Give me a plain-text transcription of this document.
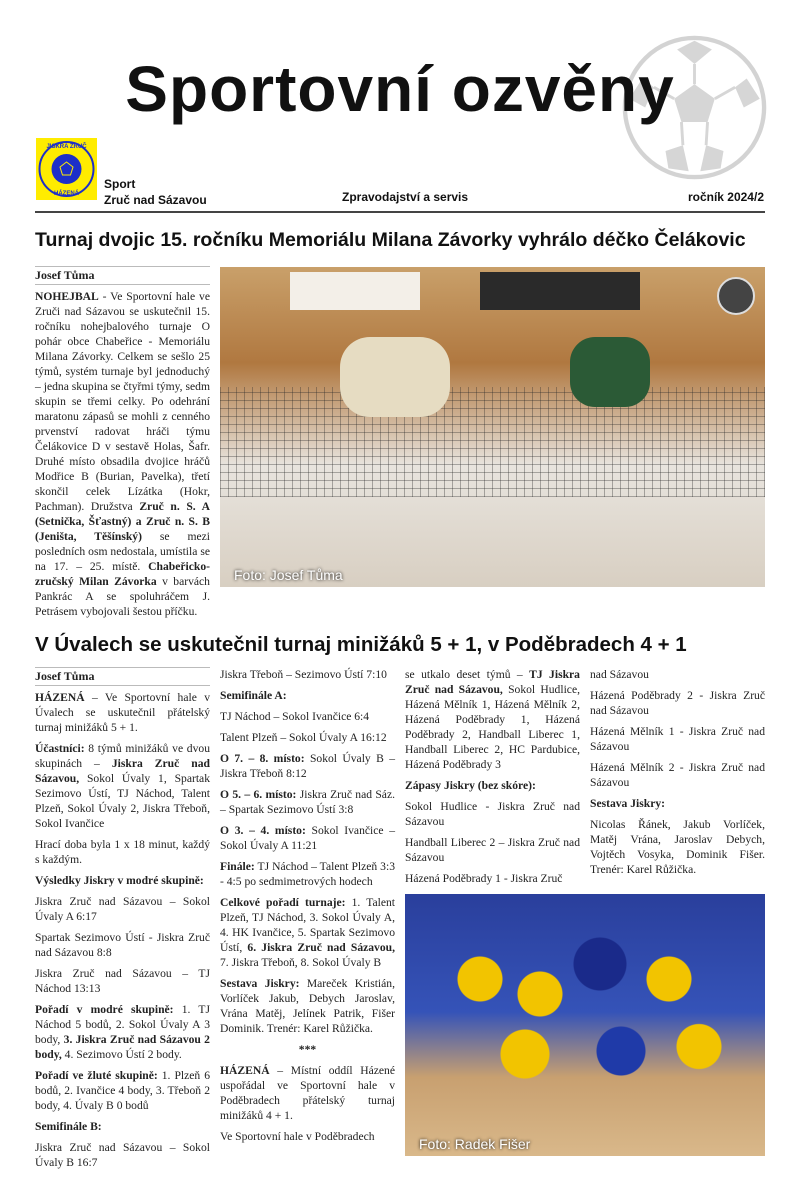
Sportovní ozvěny
JISKRA ZRUČ
HÁZENÁ
Sport
Zruč nad Sázavou	Zpravodajství a servis	ročník 2024/2
Turnaj dvojic 15. ročníku Memoriálu Milana Závorky vyhrálo déčko Čelákovic
Josef Tůma

NOHEJBAL - Ve Sportovní hale ve Zruči nad Sázavou se uskutečnil 15. ročníku nohejbalového turnaje O pohár obce Chabeřice - Memoriálu Milana Závorky. Celkem se sešlo 25 týmů, systém turnaje byl jednoduchý – jedna skupina se čtyřmi týmy, sedm skupin se třemi celky. Po odehrání maratonu zápasů se mohli z cenného prvenství radovat hráči týmu Čelákovice D v sestavě Holas, Šafr. Druhé místo obsadila dvojice hráčů Modřice B (Burian, Pavelka), třetí skončil celek Lízátka (Hokr, Pachman). Družstva Zruč n. S. A (Setnička, Šťastný) a Zruč n. S. B (Jeništa, Těšínský) se mezi posledních osm nedostala, umístila se na 17. – 25. místě. Chabeřicko-zručský Milan Závorka v barvách Pankrác A se spoluhráčem J. Petrásem vybojovali šestou příčku.

Foto: Josef Tůma
V Úvalech se uskutečnil turnaj minižáků 5 + 1, v Poděbradech 4 + 1
Josef Tůma

HÁZENÁ – Ve Sportovní hale v Úvalech se uskutečnil přátelský turnaj minižáků 5 + 1.

Účastníci: 8 týmů minižáků ve dvou skupinách – Jiskra Zruč nad Sázavou, Sokol Úvaly 1, Spartak Sezimovo Ústí, TJ Náchod, Talent Plzeň, Sokol Úvaly 2, Jiskra Třeboň, Sokol Ivančice

Hrací doba byla 1 x 18 minut, každý s každým.

Výsledky Jiskry v modré skupině:

Jiskra Zruč nad Sázavou – Sokol Úvaly A 6:17

Spartak Sezimovo Ústí - Jiskra Zruč nad Sázavou 8:8

Jiskra Zruč nad Sázavou – TJ Náchod 13:13

Pořadí v modré skupině: 1. TJ Náchod 5 bodů, 2. Sokol Úvaly A 3 body, 3. Jiskra Zruč nad Sázavou 2 body, 4. Sezimovo Ústí 2 body.

Pořadí ve žluté skupině: 1. Plzeň 6 bodů, 2. Ivančice 4 body, 3. Třeboň 2 body, 4. Úvaly B 0 bodů

Semifinále B:

Jiskra Zruč nad Sázavou – Sokol Úvaly B 16:7

Jiskra Třeboň – Sezimovo Ústí 7:10

Semifinále A:

TJ Náchod – Sokol Ivančice 6:4

Talent Plzeň – Sokol Úvaly A 16:12

O 7. – 8. místo: Sokol Úvaly B – Jiskra Třeboň 8:12

O 5. – 6. místo: Jiskra Zruč nad Sáz. – Spartak Sezimovo Ústí 3:8

O 3. – 4. místo: Sokol Ivančice – Sokol Úvaly A 11:21

Finále: TJ Náchod – Talent Plzeň 3:3 - 4:5 po sedmimetrových hodech

Celkové pořadí turnaje: 1. Talent Plzeň, TJ Náchod, 3. Sokol Úvaly A, 4. HK Ivančice, 5. Spartak Sezimovo Ústí, 6. Jiskra Zruč nad Sázavou, 7. Jiskra Třeboň, 8. Sokol Úvaly B

Sestava Jiskry: Mareček Kristián, Vorlíček Jakub, Debych Jaroslav, Vrána Matěj, Jelínek Patrik, Fišer Dominik. Trenér: Karel Růžička.

***

HÁZENÁ – Místní oddíl Házené uspořádal ve Sportovní hale v Poděbradech přátelský turnaj minižáků 4 + 1.

Ve Sportovní hale v Poděbradech

se utkalo deset týmů – TJ Jiskra Zruč nad Sázavou, Sokol Hudlice, Házená Mělník 1, Házená Mělník 2, Házená Poděbrady 1, Házená Poděbrady 2, Handball Liberec 1, Handball Liberec 2, HC Pardubice, Házená Poděbrady 3

Zápasy Jiskry (bez skóre):

Sokol Hudlice - Jiskra Zruč nad Sázavou

Handball Liberec 2 – Jiskra Zruč nad Sázavou

Házená Poděbrady 1 - Jiskra Zruč

nad Sázavou

Házená Poděbrady 2 - Jiskra Zruč nad Sázavou

Házená Mělník 1 - Jiskra Zruč nad Sázavou

Házená Mělník 2 - Jiskra Zruč nad Sázavou

Sestava Jiskry:

Nicolas Řánek, Jakub Vorlíček, Matěj Vrána, Jaroslav Debych, Vojtěch Vosyka, Dominik Fišer. Trenér: Karel Růžička.

Foto: Radek Fišer
